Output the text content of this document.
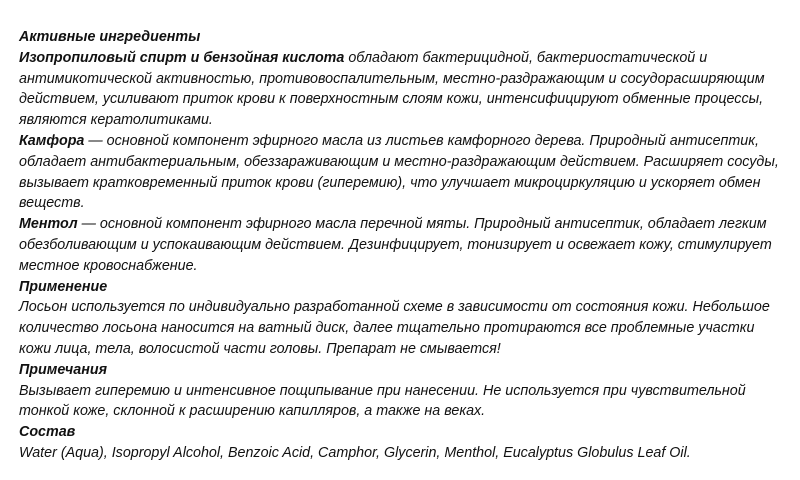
Активные ингредиенты

Изопропиловый спирт и бензойная кислота обладают бактерицидной, бактериостатической и антимикотической активностью, противовоспалительным, местно-раздражающим и сосудорасширяющим действием, усиливают приток крови к поверхностным слоям кожи, интенсифицируют обменные процессы, являются кератолитиками.

Камфора — основной компонент эфирного масла из листьев камфорного дерева. Природный антисептик, обладает антибактериальным, обеззараживающим и местно-раздражающим действием. Расширяет сосуды, вызывает кратковременный приток крови (гиперемию), что улучшает микроциркуляцию и ускоряет обмен веществ.

Ментол — основной компонент эфирного масла перечной мяты. Природный антисептик, обладает легким обезболивающим и успокаивающим действием. Дезинфицирует, тонизирует и освежает кожу, стимулирует местное кровоснабжение.

Применение

Лосьон используется по индивидуально разработанной схеме в зависимости от состояния кожи. Небольшое количество лосьона наносится на ватный диск, далее тщательно протираются все проблемные участки кожи лица, тела, волосистой части головы. Препарат не смывается!

Примечания

Вызывает гиперемию и интенсивное пощипывание при нанесении. Не используется при чувствительной тонкой коже, склонной к расширению капилляров, а также на веках.

Состав

Water (Aqua), Isopropyl Alcohol, Benzoic Acid, Camphor, Glycerin, Menthol, Eucalyptus Globulus Leaf Oil.
